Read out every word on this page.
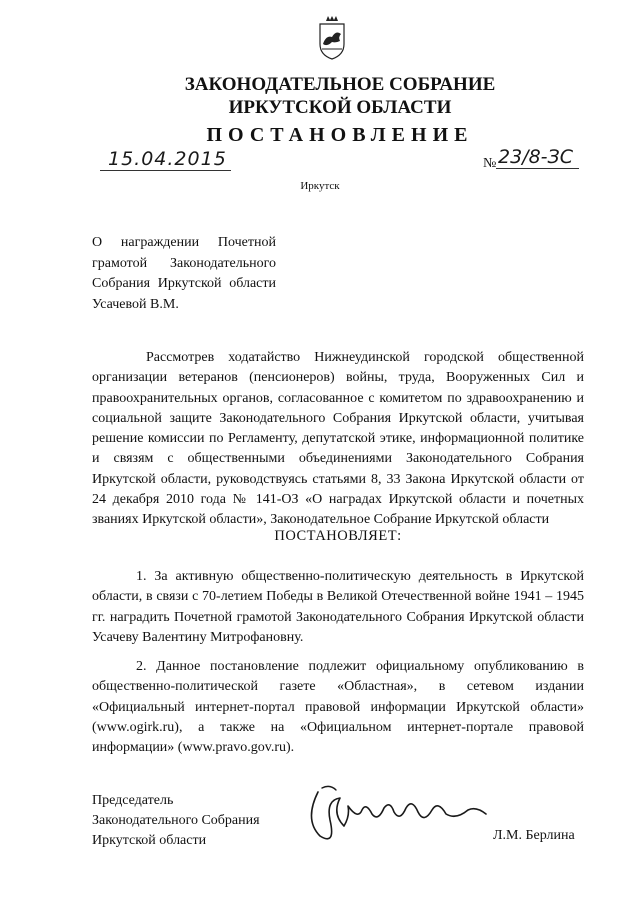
ЗАКОНОДАТЕЛЬНОЕ СОБРАНИЕ
ИРКУТСКОЙ ОБЛАСТИ
ПОСТАНОВЛЕНИЕ
15.04.2015	№ 23/8-ЗС
Иркутск
О награждении Почетной грамотой Законодательного Собрания Иркутской области Усачевой В.М.

Рассмотрев ходатайство Нижнеудинской городской общественной организации ветеранов (пенсионеров) войны, труда, Вооруженных Сил и правоохранительных органов, согласованное с комитетом по здравоохранению и социальной защите Законодательного Собрания Иркутской области, учитывая решение комиссии по Регламенту, депутатской этике, информационной политике и связям с общественными объединениями Законодательного Собрания Иркутской области, руководствуясь статьями 8, 33 Закона Иркутской области от 24 декабря 2010 года № 141-ОЗ «О наградах Иркутской области и почетных званиях Иркутской области», Законодательное Собрание Иркутской области

ПОСТАНОВЛЯЕТ:

1. За активную общественно-политическую деятельность в Иркутской области, в связи с 70-летием Победы в Великой Отечественной войне 1941 – 1945 гг. наградить Почетной грамотой Законодательного Собрания Иркутской области Усачеву Валентину Митрофановну.

2. Данное постановление подлежит официальному опубликованию в общественно-политической газете «Областная», в сетевом издании «Официальный интернет-портал правовой информации Иркутской области» (www.ogirk.ru), а также на «Официальном интернет-портале правовой информации» (www.pravo.gov.ru).

Председатель
Законодательного Собрания
Иркутской области	Л.М. Берлина
